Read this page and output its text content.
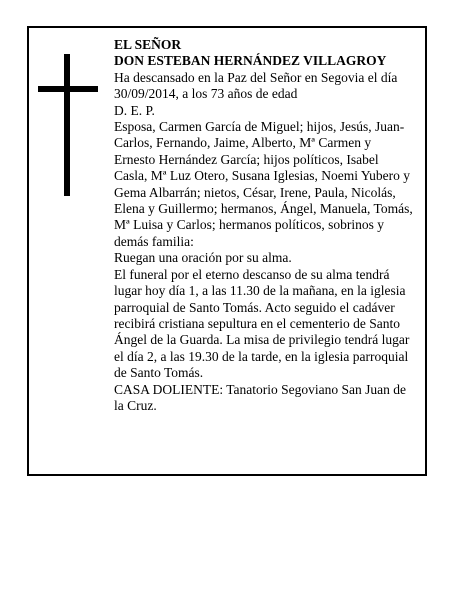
EL SEÑOR

DON ESTEBAN HERNÁNDEZ VILLAGROY

Ha descansado en la Paz del Señor en Segovia el día 30/09/2014, a los 73 años de edad

D. E. P.

Esposa, Carmen García de Miguel; hijos, Jesús, Juan-Carlos, Fernando, Jaime, Alberto, Mª Carmen y Ernesto Hernández García; hijos políticos, Isabel Casla, Mª Luz Otero, Susana Iglesias, Noemi Yubero y Gema Albarrán; nietos, César, Irene, Paula, Nicolás, Elena y Guillermo; hermanos, Ángel, Manuela, Tomás, Mª Luisa y Carlos; hermanos políticos, sobrinos y demás familia:

Ruegan una oración por su alma.

El funeral por el eterno descanso de su alma tendrá lugar hoy día 1, a las 11.30 de la mañana, en la iglesia parroquial de Santo Tomás. Acto seguido el cadáver recibirá cristiana sepultura en el cementerio de Santo Ángel de la Guarda. La misa de privilegio tendrá lugar el día 2, a las 19.30 de la tarde, en la iglesia parroquial de Santo Tomás.

CASA DOLIENTE: Tanatorio Segoviano San Juan de la Cruz.
